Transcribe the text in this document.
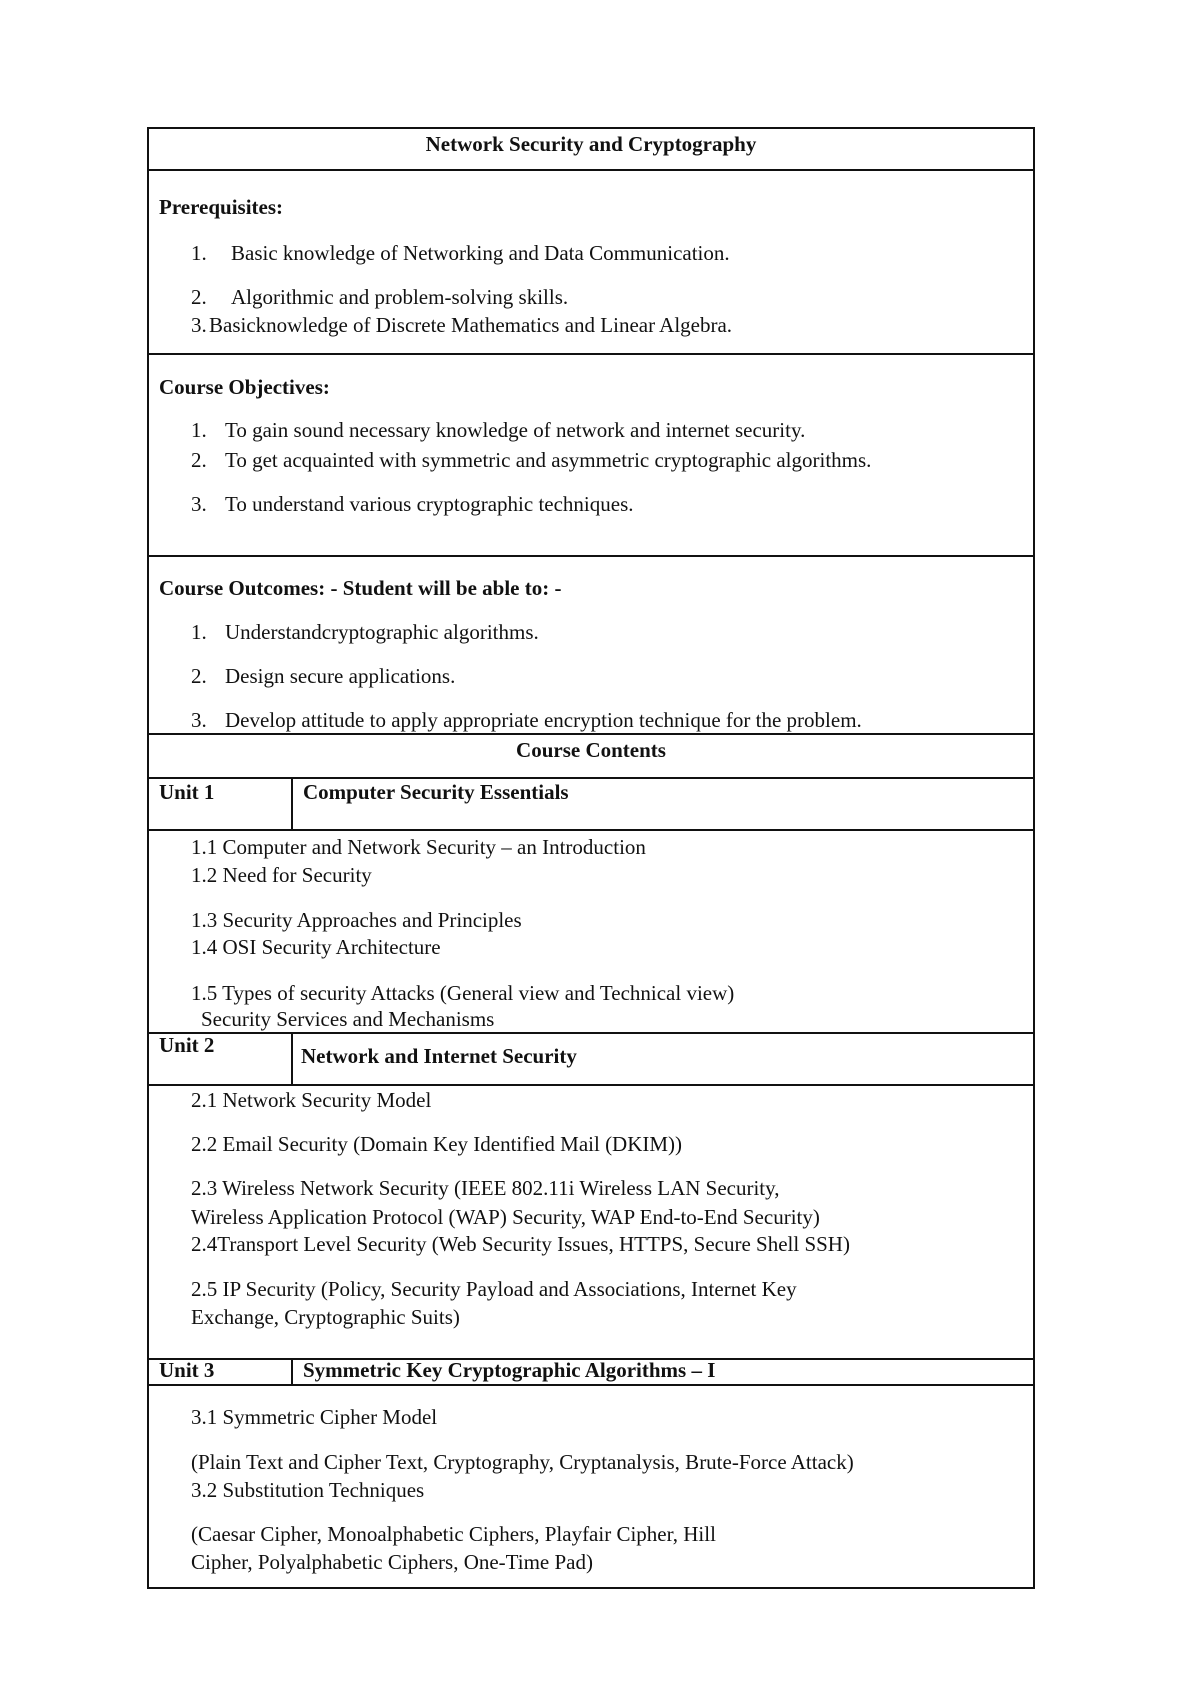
Network Security and Cryptography
Prerequisites:
1. Basic knowledge of Networking and Data Communication.
2. Algorithmic and problem-solving skills.
3. Basicknowledge of Discrete Mathematics and Linear Algebra.
Course Objectives:
1. To gain sound necessary knowledge of network and internet security.
2. To get acquainted with symmetric and asymmetric cryptographic algorithms.
3. To understand various cryptographic techniques.
Course Outcomes: - Student will be able to: -
1. Understandcryptographic algorithms.
2. Design secure applications.
3. Develop attitude to apply appropriate encryption technique for the problem.
Course Contents
Unit 1	Computer Security Essentials
1.1 Computer and Network Security – an Introduction
1.2 Need for Security
1.3 Security Approaches and Principles
1.4 OSI Security Architecture
1.5 Types of security Attacks (General view and Technical view)
Security Services and Mechanisms
Unit 2	Network and Internet Security
2.1 Network Security Model
2.2 Email Security (Domain Key Identified Mail (DKIM))
2.3 Wireless Network Security (IEEE 802.11i Wireless LAN Security,
Wireless Application Protocol (WAP) Security, WAP End-to-End Security)
2.4Transport Level Security (Web Security Issues, HTTPS, Secure Shell SSH)
2.5 IP Security (Policy, Security Payload and Associations, Internet Key
Exchange, Cryptographic Suits)
Unit 3	Symmetric Key Cryptographic Algorithms – I
3.1 Symmetric Cipher Model
(Plain Text and Cipher Text, Cryptography, Cryptanalysis, Brute-Force Attack)
3.2 Substitution Techniques
(Caesar Cipher, Monoalphabetic Ciphers, Playfair Cipher, Hill
Cipher, Polyalphabetic Ciphers, One-Time Pad)
